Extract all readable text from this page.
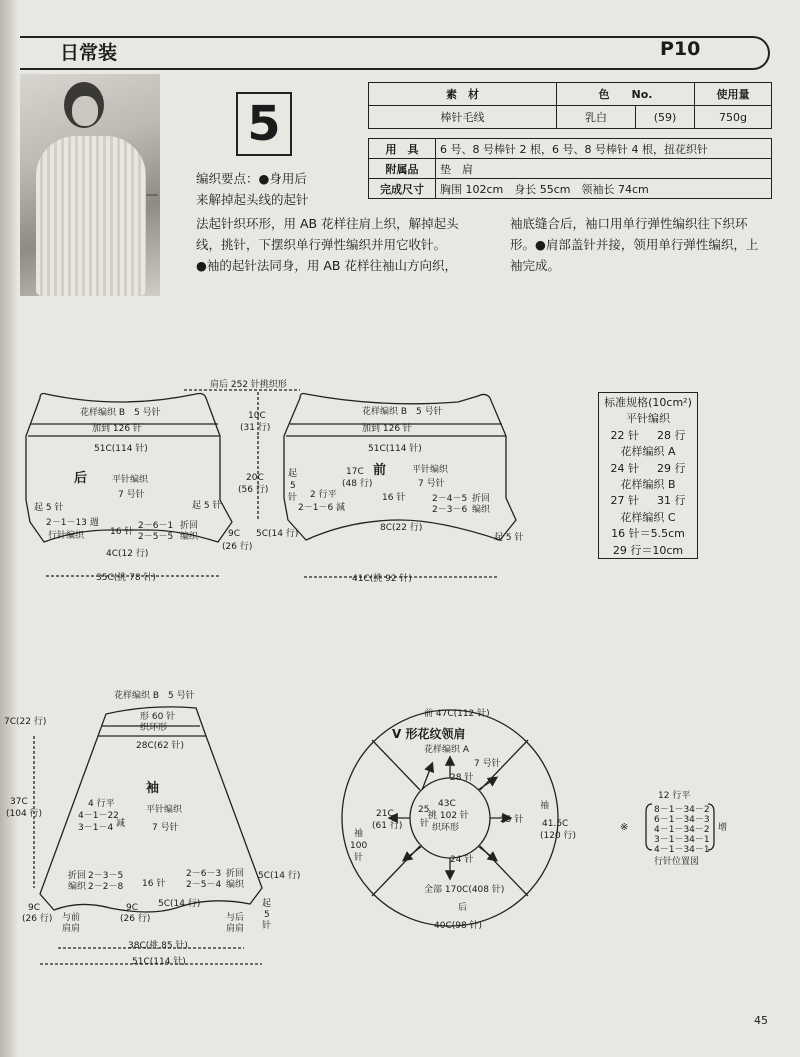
日常装	P10
5
素　材	色　　No.		使用量
棒针毛线	乳白	(59)	750g
用　具	6 号、8 号棒针 2 根，6 号、8 号棒针 4 根，扭花织针
附属品	垫　肩
完成尺寸	胸围 102cm　身长 55cm　领袖长 74cm
编织要点：●身用后
来解掉起头线的起针
法起针织环形，用 AB 花样往肩上织，解掉起头
线，挑针，下摆织单行弹性编织并用它收针。
●袖的起针法同身，用 AB 花样往袖山方向织，
袖底缝合后，袖口用单行弹性编织往下织环
形。●肩部盖针并接，领用单行弹性编织，上
袖完成。
标准规格(10cm²)
平针编织
22 针 28 行
花样编织 A
24 针 29 行
花样编织 B
27 针 31 行
花样编织 C
16 针＝5.5cm
29 行＝10cm
肩后 252 针挑织形
花样编织 B　5 号针
加到 126 针
51C(114 针)
后	平针编织
7 号针
起 5 针	起 5 针
2－1－13 週
行针编织	16 针
2－6－1
2－5－5
折回
编织
4C(12 行)
35C(挑 78 针)
9C
(26 行)
10C
(31 行)
20C
(56 行)
花样编织 B　5 号针
加到 126 针
51C(114 针)
起
5
针
17C
(48 行)
前	平针编织
7 号针
2 行平
2－1－6 減
16 针	2－4－5
2－3－6
折回
编织
8C(22 行)
起 5 针
5C(14 行)
41C(挑 92 针)
花样编织 B　5 号针
形 60 针
织环形
7C(22 行)
28C(62 针)
37C
(104 行)
袖
平针编织
7 号针
4 行平
4－1－22
3－1－4 减
折回
编织
2－3－5
2－2－8 16 针
2－6－3
2－5－4
折回
编织
5C(14 行)
9C
(26 行) 与前
肩肩
9C
(26 行)
5C(14 行)
与后
肩肩
起
5
针
38C(挑 85 针)
51C(114 针)
前 47C(112 针)
V 形花纹领肩
花样编织 A
7 号针
28 针
43C
挑 102 针
织环形
25
针	25 针
24 针
21C
(61 行)
袖
100
针
袖
41.5C
(120 行)
全部 170C(408 针)
后
40C(98 针)
※
12 行平
8－1－34－2
6－1－34－3
4－1－34－2
3－1－34－1
4－1－34－1
增
行针位置図
45
